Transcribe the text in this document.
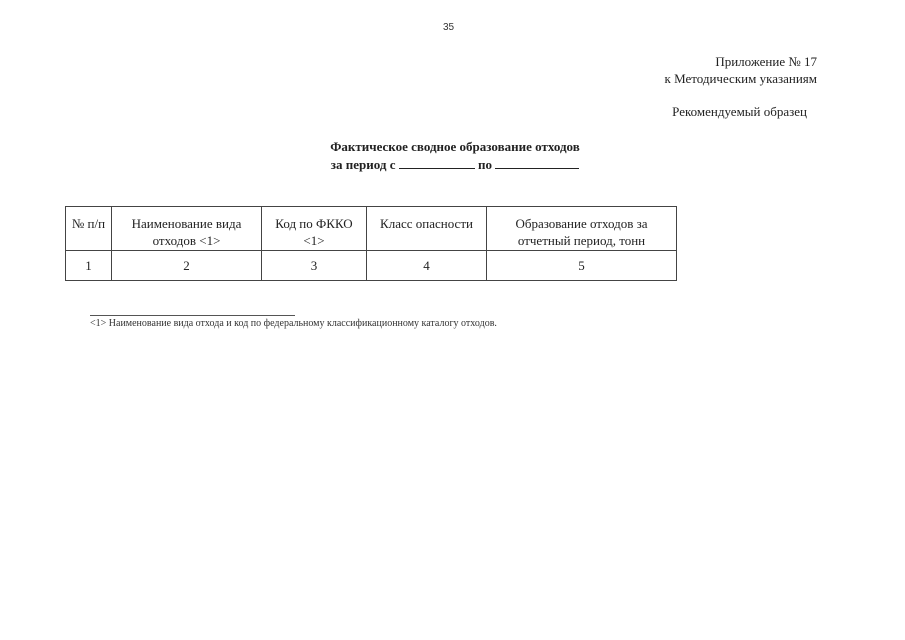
35
Приложение № 17
к Методическим указаниям
Рекомендуемый образец
Фактическое сводное образование отходов
за период с	по
№ п/п	Наименование вида отходов <1>	Код по ФККО <1>	Класс опасности	Образование отходов за отчетный период, тонн
1	2	3	4	5
<1> Наименование вида отхода и код по федеральному классификационному каталогу отходов.
